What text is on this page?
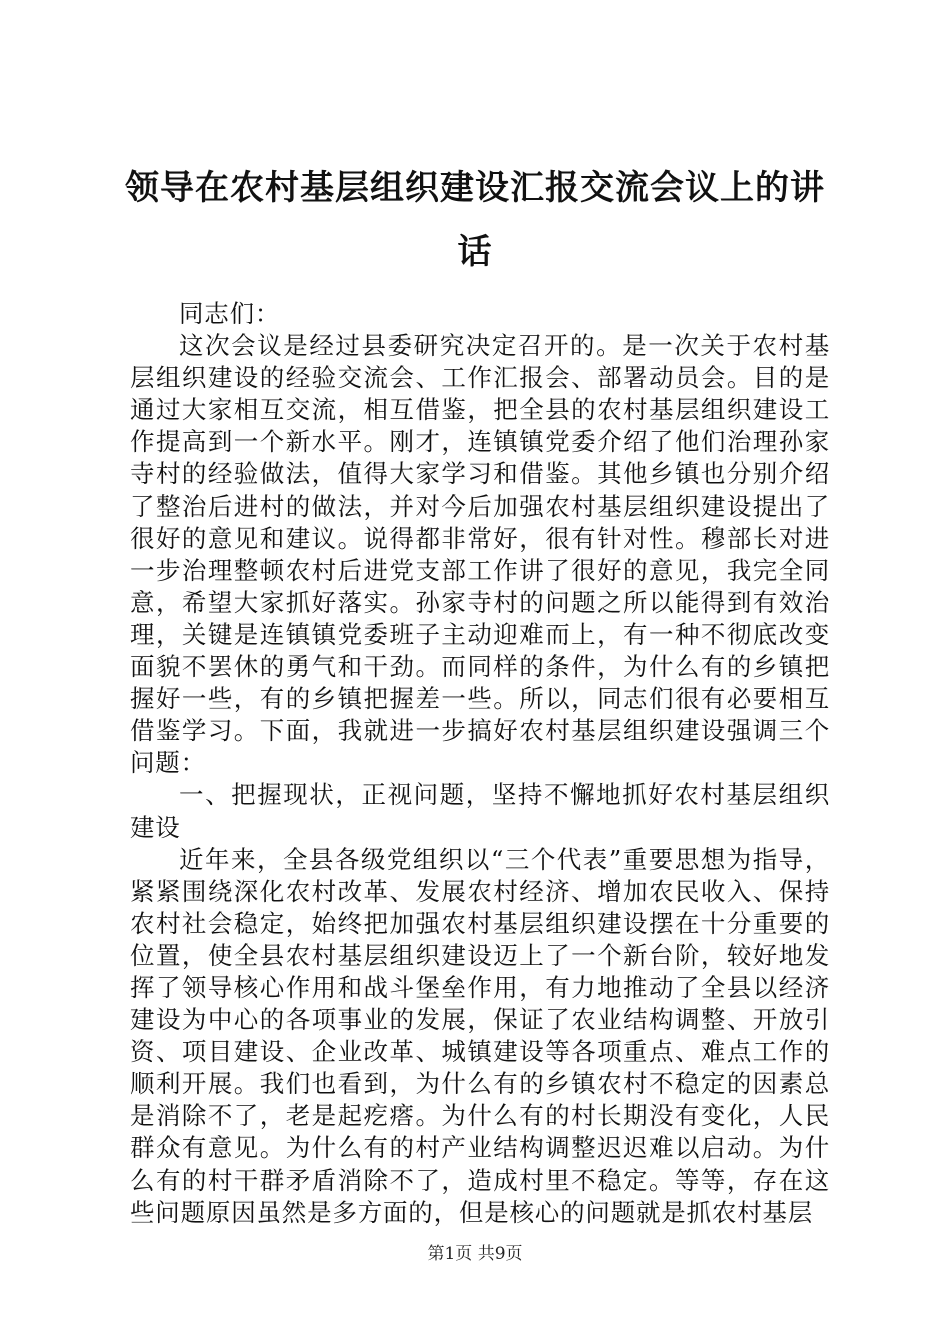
领导在农村基层组织建设汇报交流会议上的讲话

同志们：

这次会议是经过县委研究决定召开的。是一次关于农村基层组织建设的经验交流会、工作汇报会、部署动员会。目的是通过大家相互交流，相互借鉴，把全县的农村基层组织建设工作提高到一个新水平。刚才，连镇镇党委介绍了他们治理孙家寺村的经验做法，值得大家学习和借鉴。其他乡镇也分别介绍了整治后进村的做法，并对今后加强农村基层组织建设提出了很好的意见和建议。说得都非常好，很有针对性。穆部长对进一步治理整顿农村后进党支部工作讲了很好的意见，我完全同意，希望大家抓好落实。孙家寺村的问题之所以能得到有效治理，关键是连镇镇党委班子主动迎难而上，有一种不彻底改变面貌不罢休的勇气和干劲。而同样的条件，为什么有的乡镇把握好一些，有的乡镇把握差一些。所以，同志们很有必要相互借鉴学习。下面，我就进一步搞好农村基层组织建设强调三个问题：

一、把握现状，正视问题，坚持不懈地抓好农村基层组织建设

近年来，全县各级党组织以“三个代表”重要思想为指导，紧紧围绕深化农村改革、发展农村经济、增加农民收入、保持农村社会稳定，始终把加强农村基层组织建设摆在十分重要的位置，使全县农村基层组织建设迈上了一个新台阶，较好地发挥了领导核心作用和战斗堡垒作用，有力地推动了全县以经济建设为中心的各项事业的发展，保证了农业结构调整、开放引资、项目建设、企业改革、城镇建设等各项重点、难点工作的顺利开展。我们也看到，为什么有的乡镇农村不稳定的因素总是消除不了，老是起疙瘩。为什么有的村长期没有变化，人民群众有意见。为什么有的村产业结构调整迟迟难以启动。为什么有的村干群矛盾消除不了，造成村里不稳定。等等，存在这些问题原因虽然是多方面的，但是核心的问题就是抓农村基层

第1页 共9页
